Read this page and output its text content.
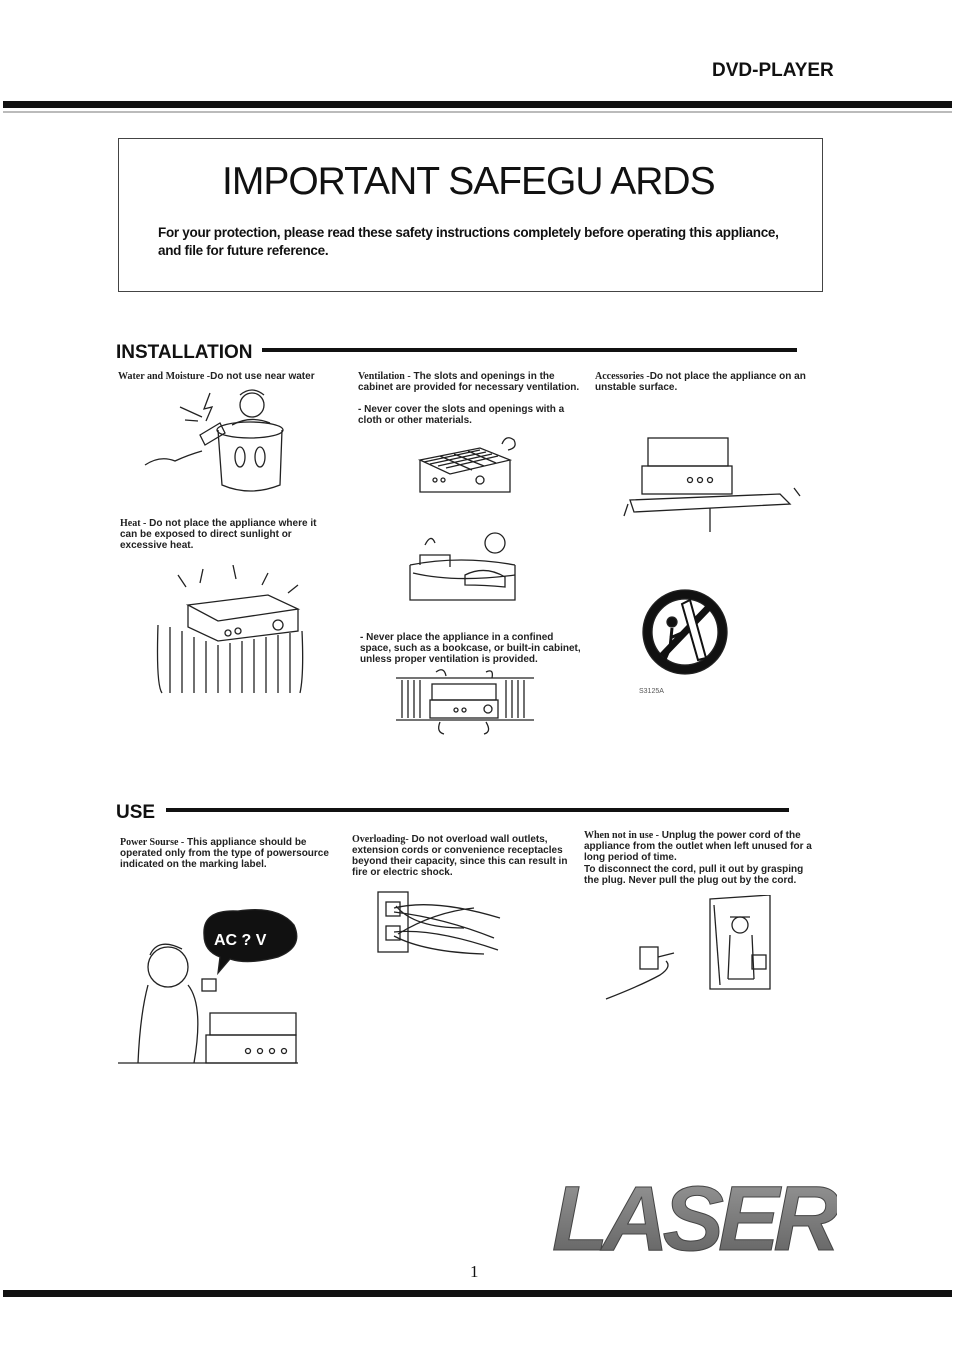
DVD-PLAYER
IMPORTANT SAFEGU ARDS
For your protection, please read these safety instructions completely before operating this appliance, and file for future reference.
INSTALLATION
Water and Moisture -Do not use near water	Ventilation - The slots and openings in the cabinet are provided for necessary ventilation.
- Never cover the slots and openings with a cloth or other materials.
Accessories -Do not place the appliance on an unstable surface.
Heat - Do not place the appliance where it can be exposed to direct sunlight or excessive heat.
- Never place the appliance in a confined space, such as a bookcase, or built-in cabinet, unless proper ventilation is provided.
S3125A
USE
Power Sourse - This appliance should be operated only from the type of powersource indicated on the marking label.
AC ? V
Overloading- Do not overload wall outlets, extension cords or convenience receptacles beyond their capacity, since this can result in fire or electric shock.
When not in use - Unplug the power cord of the appliance from the outlet when left unused for a long period of time.
To disconnect the cord, pull it out by grasping the plug. Never pull the plug out by the cord.
LASER
1
